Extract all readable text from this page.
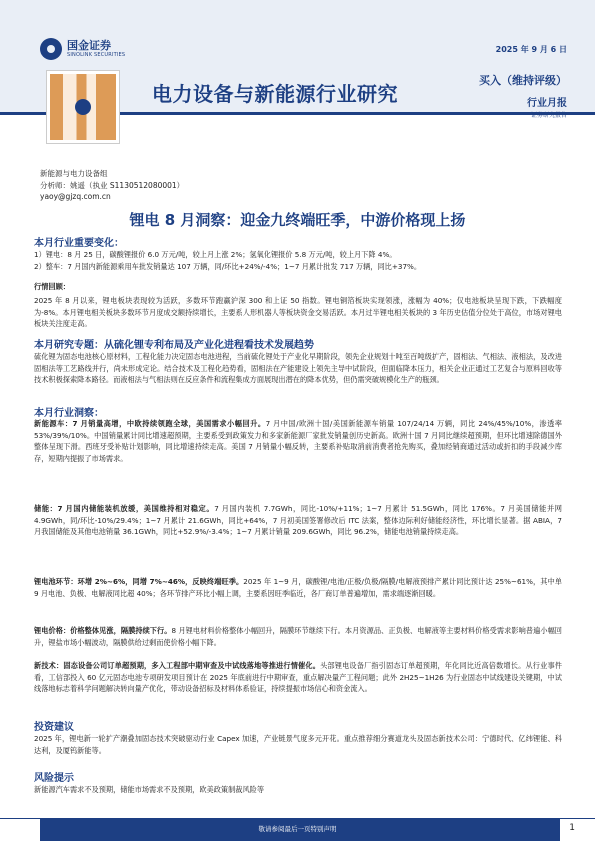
国金证券
SINOLINK SECURITIES
电力设备与新能源行业研究
2025 年 9 月 6 日
买入（维持评级）
行业月报
证券研究报告
新能源与电力设备组
分析师：姚遥（执业 S1130512080001）
yaoy@gjzq.com.cn
锂电 8 月洞察：迎金九终端旺季，中游价格现上扬
本月行业重要变化：
1）锂电：8 月 25 日，碳酸锂报价 6.0 万元/吨，较上月上涨 2%；氢氧化锂报价 5.8 万元/吨，较上月下降 4%。
2）整车：7 月国内新能源乘用车批发销量达 107 万辆，同/环比+24%/-4%；1~7 月累计批发 717 万辆，同比+37%。
行情回顾：
2025 年 8 月以来，锂电板块表现较为活跃，多数环节跑赢沪深 300 和上证 50 指数。锂电铜箔板块实现领涨，涨幅为 40%；仅电池板块呈现下跌，下跌幅度为-8%。本月锂电相关板块多数环节月度成交额持续增长，主要系人形机器人等板块资金交易活跃。本月过半锂电相关板块的 3 年历史估值分位处于高位，市场对锂电板块关注度走高。
本月研究专题：从硫化锂专利布局及产业化进程看技术发展趋势
硫化锂为固态电池核心原材料，工程化能力决定固态电池进程，当前硫化锂处于产业化早期阶段，领先企业规划十吨至百吨级扩产，固相法、气相法、液相法，及改进固相法等工艺路线并行，尚未形成定论。结合技术及工程化趋势看，固相法在产能建设上领先主导中试阶段，但面临降本压力，相关企业正通过工艺复合与原料回收等技术积极探索降本路径。而液相法与气相法则在反应条件和流程集成方面展现出潜在的降本优势，但仍需突破规模化生产的瓶颈。
本月行业洞察：
新能源车：7 月销量高增，中欧持续领跑全球，美国需求小幅回升。7 月中国/欧洲十国/美国新能源车销量 107/24/14 万辆，同比 24%/45%/10%，渗透率 53%/39%/10%。中国销量累计同比增速超预期，主要系受到政策发力和多家新能源厂家批发销量创历史新高。欧洲十国 7 月同比继续超预期，但环比增速除德国外整体呈现下滑。西班牙受补贴计划影响，同比增速持续走高。美国 7 月销量小幅反转，主要系补贴取消前消费者抢先购买，叠加经销商通过活动或折扣的手段减少库存，短期内提振了市场需求。
储能：7 月国内储能装机放缓，美国维持相对稳定。7 月国内装机 7.7GWh，同比-10%/+11%；1~7 月累计 51.5GWh，同比 176%。7 月美国储能并网 4.9GWh，同/环比-10%/29.4%；1~7 月累计 21.6GWh，同比+64%，7 月初美国签署修改后 ITC 法案，整体边际利好储能经济性，环比增长显著。据 ABIA，7 月我国储能及其他电池销量 36.1GWh，同比+52.9%/-3.4%；1~7 月累计销量 209.6GWh，同比 96.2%，储能电池销量持续走高。
锂电池环节：环增 2%~6%，同增 7%~46%，反映终端旺季。2025 年 1~9 月，碳酸锂/电池/正极/负极/隔膜/电解液预排产累计同比预计达 25%~61%，其中单 9 月电池、负极、电解液同比超 40%；各环节排产环比小幅上调，主要系因旺季临近，各厂商订单普遍增加，需求端逐渐回暖。
锂电价格：价格整体见涨，隔膜持续下行。8 月锂电材料价格整体小幅回升，隔膜环节继续下行。本月资源品、正负极、电解液等主要材料价格受需求影响普遍小幅回升，锂盐市场小幅波动，隔膜供给过剩而使价格小幅下降。
新技术：固态设备公司订单超预期，多入工程部中期审查及中试线落地等推进行情催化。头部锂电设备厂指引固态订单超预期，年化同比近高倍数增长。从行业事件看，工信部投入 60 亿元固态电池专项研发项目预计在 2025 年底前进行中期审查，重点解决量产工程问题；此外 2H25~1H26 为行业固态中试线建设关键期，中试线落地标志着科学问题解决转向量产优化，带动设备招标及材料体系验证，持续提振市场信心和资金流入。
投资建议
2025 年，锂电新一轮扩产潮叠加固态技术突破驱动行业 Capex 加速，产业链景气度多元开花。重点推荐细分赛道龙头及固态新技术公司：宁德时代、亿纬锂能、科达利，及厦钨新能等。
风险提示
新能源汽车需求不及预期，储能市场需求不及预期，欧美政策制裁风险等
敬请参阅最后一页特别声明	1
